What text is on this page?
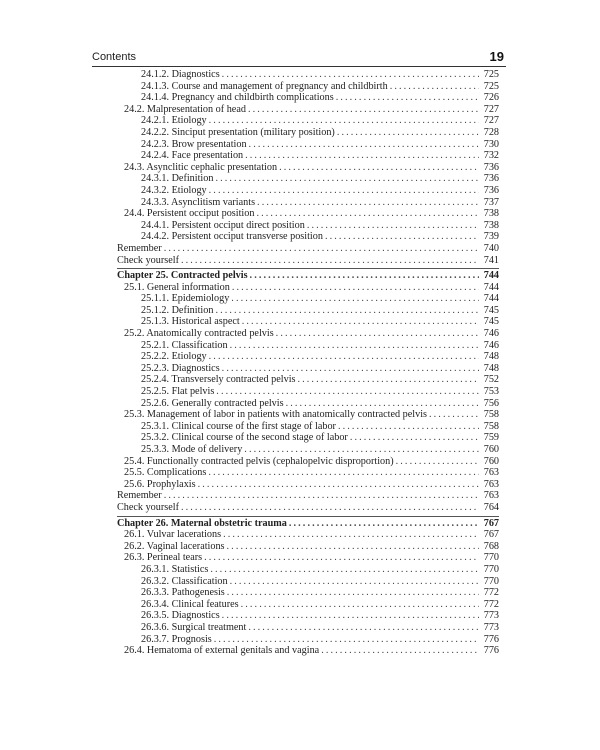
Contents	19
24.1.2. Diagnostics .....	725
24.1.3. Course and management of pregnancy and childbirth .....	725
24.1.4. Pregnancy and childbirth complications .....	726
24.2. Malpresentation of head .....	727
24.2.1. Etiology .....	727
24.2.2. Sinciput presentation (military position) .....	728
24.2.3. Brow presentation .....	730
24.2.4. Face presentation .....	732
24.3. Asynclitic cephalic presentation .....	736
24.3.1. Definition .....	736
24.3.2. Etiology .....	736
24.3.3. Asynclitism variants .....	737
24.4. Persistent occiput position .....	738
24.4.1. Persistent occiput direct position .....	738
24.4.2. Persistent occiput transverse position .....	739
Remember .....	740
Check yourself .....	741
Chapter 25. Contracted pelvis .....	744
25.1. General information .....	744
25.1.1. Epidemiology .....	744
25.1.2. Definition .....	745
25.1.3. Historical aspect .....	745
25.2. Anatomically contracted pelvis .....	746
25.2.1. Classification .....	746
25.2.2. Etiology .....	748
25.2.3. Diagnostics .....	748
25.2.4. Transversely contracted pelvis .....	752
25.2.5. Flat pelvis .....	753
25.2.6. Generally contracted pelvis .....	756
25.3. Management of labor in patients with anatomically contracted pelvis .....	758
25.3.1. Clinical course of the first stage of labor .....	758
25.3.2. Clinical course of the second stage of labor .....	759
25.3.3. Mode of delivery .....	760
25.4. Functionally contracted pelvis (cephalopelvic disproportion) .....	760
25.5. Complications .....	763
25.6. Prophylaxis .....	763
Remember .....	763
Check yourself .....	764
Chapter 26. Maternal obstetric trauma .....	767
26.1. Vulvar lacerations .....	767
26.2. Vaginal lacerations .....	768
26.3. Perineal tears .....	770
26.3.1. Statistics .....	770
26.3.2. Classification .....	770
26.3.3. Pathogenesis .....	772
26.3.4. Clinical features .....	772
26.3.5. Diagnostics .....	773
26.3.6. Surgical treatment .....	773
26.3.7. Prognosis .....	776
26.4. Hematoma of external genitals and vagina .....	776
